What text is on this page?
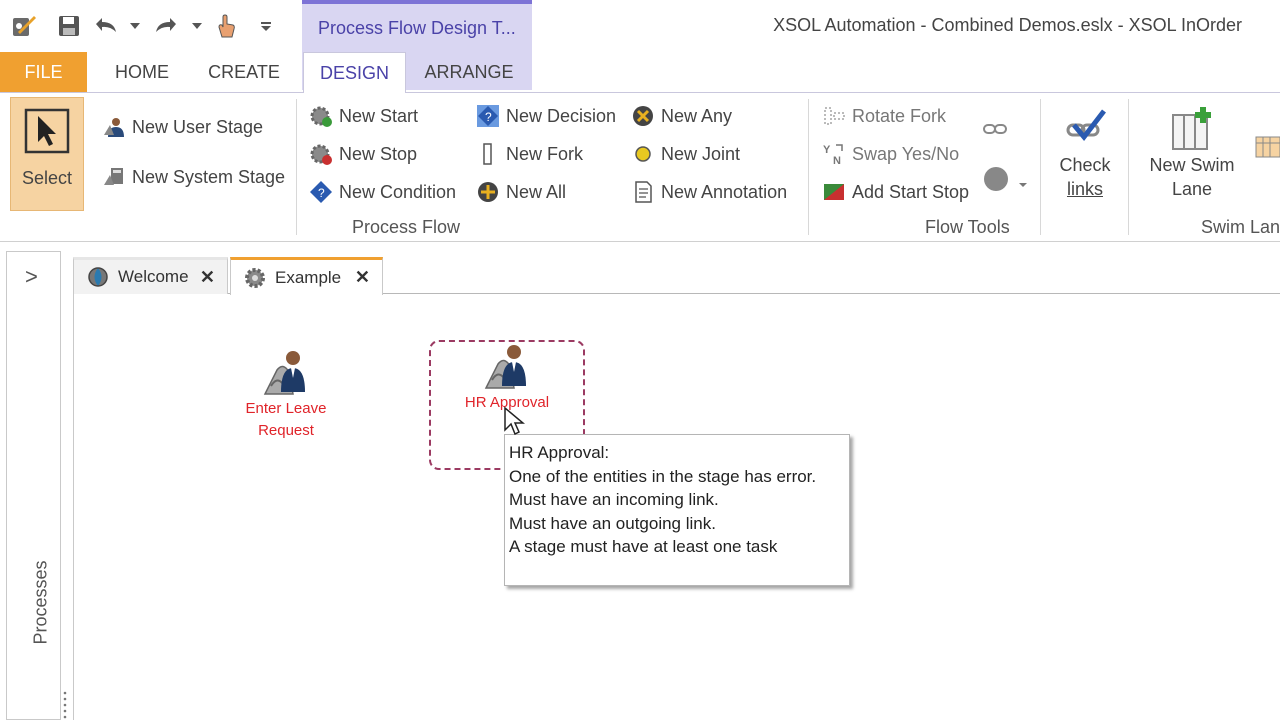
XSOL Automation - Combined Demos.eslx - XSOL InOrder
Process Flow Design T...
FILE	HOME	CREATE	DESIGN	ARRANGE
Select
New User Stage
New System Stage
New Start
New Stop
? New Condition
? New Decision
New Fork
New All
New Any
New Joint
New Annotation
Process Flow
Rotate Fork
Y
N Swap Yes/No
Add Start Stop
Check
links
New Swim
Lane
Flow Tools	Swim Lan
>
Processes
Welcome ✕	Example ✕
Enter Leave
Request
HR Approval
HR Approval:
One of the entities in the stage has error.
Must have an incoming link.
Must have an outgoing link.
A stage must have at least one task
